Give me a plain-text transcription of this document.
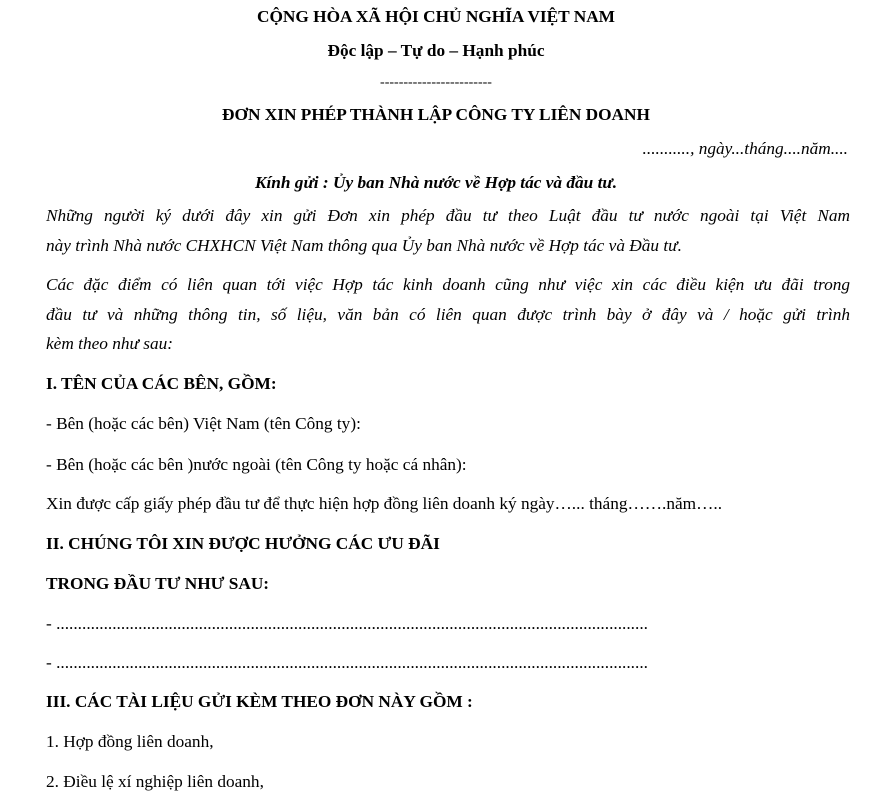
CỘNG HÒA XÃ HỘI CHỦ NGHĨA VIỆT NAM
Độc lập – Tự do – Hạnh phúc
------------------------
ĐƠN XIN PHÉP THÀNH LẬP CÔNG TY LIÊN DOANH
..........., ngày...tháng....năm....
Kính gửi : Ủy ban Nhà nước về Hợp tác và đầu tư.
Những người ký dưới đây xin gửi Đơn xin phép đầu tư theo Luật đầu tư nước ngoài tại Việt Nam
này trình Nhà nước CHXHCN Việt Nam thông qua Ủy ban Nhà nước về Hợp tác và Đầu tư.
Các đặc điểm có liên quan tới việc Hợp tác kinh doanh cũng như việc xin các điều kiện ưu đãi trong
đầu tư và những thông tin, số liệu, văn bản có liên quan được trình bày ở đây và / hoặc gửi trình
kèm theo như sau:
I. TÊN CỦA CÁC BÊN, GỒM:
- Bên (hoặc các bên) Việt Nam (tên Công ty):
- Bên (hoặc các bên )nước ngoài (tên Công ty hoặc cá nhân):
Xin được cấp giấy phép đầu tư để thực hiện hợp đồng liên doanh ký ngày…... tháng…….năm…..
II. CHÚNG TÔI XIN ĐƯỢC HƯỞNG CÁC ƯU ĐÃI
TRONG ĐẦU TƯ NHƯ SAU:
- .........................................................................................................................................
- .........................................................................................................................................
III. CÁC TÀI LIỆU GỬI KÈM THEO ĐƠN NÀY GỒM :
1. Hợp đồng liên doanh,
2. Điều lệ xí nghiệp liên doanh,
